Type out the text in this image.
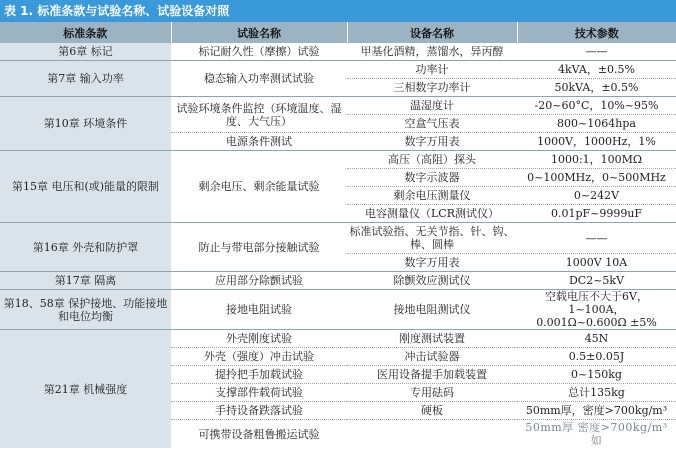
表 1. 标准条款与试验名称、试验设备对照
标准条款	试验名称	设备名称	技术参数
第6章 标记	标记耐久性（摩擦）试验	甲基化酒精，蒸馏水，异丙醇	——
第7章 输入功率	稳态输入功率测试试验	功率计	4kVA，±0.5%
		三相数字功率计	50kVA，±0.5%
第10章 环境条件	试验环境条件监控（环境温度、湿度、大气压）	温湿度计	-20~60°C，10%~95%
		空盒气压表	800~1064hpa
	电源条件测试	数字万用表	1000V，1000Hz，1%
第15章 电压和(或)能量的限制	剩余电压、剩余能量试验	高压（高阻）探头	1000:1，100MΩ
		数字示波器	0~100MHz，0~500MHz
		剩余电压测量仪	0~242V
		电容测量仪（LCR测试仪）	0.01pF~9999uF
第16章 外壳和防护罩	防止与带电部分接触试验	标准试验指、无关节指、针、钩、棒、圆棒	——
		数字万用表	1000V 10A
第17章 隔离	应用部分除颤试验	除颤效应测试仪	DC2~5kV
第18、58章 保护接地、功能接地和电位均衡	接地电阻试验	接地电阻测试仪	空载电压不大于6V，1~100A，
0.001Ω~0.600Ω ±5%

第21章 机械强度	外壳刚度试验	刚度测试装置	45N
	外壳（强度）冲击试验	冲击试验器	0.5±0.05J
	提拎把手加载试验	医用设备提手加载装置	0~150kg
	支撑部件载荷试验	专用砝码	总计135kg
	手持设备跌落试验	硬板	50mm厚，密度>700kg/m³
	可携带设备粗鲁搬运试验		50mm厚 密度>700kg/m³ 如
